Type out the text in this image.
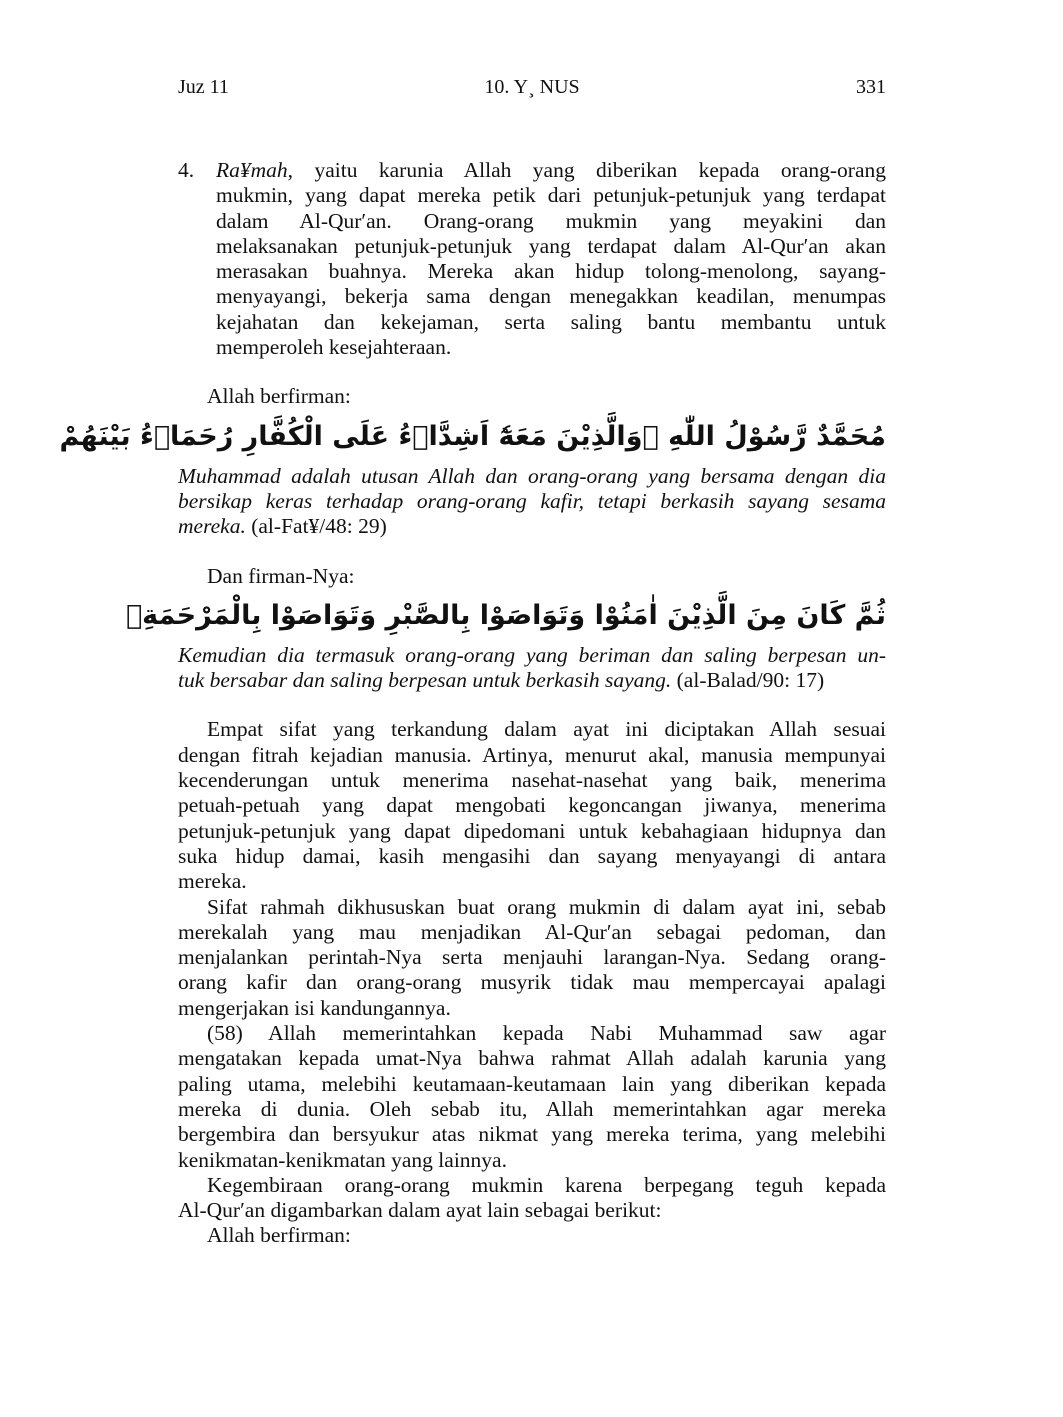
Juz 11	10. Y¸ NUS	331
4. Ra¥mah, yaitu karunia Allah yang diberikan kepada orang-orang
mukmin, yang dapat mereka petik dari petunjuk-petunjuk yang terdapat
dalam Al-Qur′an. Orang-orang mukmin yang meyakini dan
melaksanakan petunjuk-petunjuk yang terdapat dalam Al-Qur′an akan
merasakan buahnya. Mereka akan hidup tolong-menolong, sayang-
menyayangi, bekerja sama dengan menegakkan keadilan, menumpas
kejahatan dan kekejaman, serta saling bantu membantu untuk
memperoleh kesejahteraan.
Allah berfirman:
مُحَمَّدٌ رَّسُوْلُ اللّٰهِ ۗوَالَّذِيْنَ مَعَهٗٓ اَشِدَّاۤءُ عَلَى الْكُفَّارِ رُحَمَاۤءُ بَيْنَهُمْ
Muhammad adalah utusan Allah dan orang-orang yang bersama dengan dia
bersikap keras terhadap orang-orang kafir, tetapi berkasih sayang sesama
mereka. (al-Fat¥/48: 29)
Dan firman-Nya:
ثُمَّ كَانَ مِنَ الَّذِيْنَ اٰمَنُوْا وَتَوَاصَوْا بِالصَّبْرِ وَتَوَاصَوْا بِالْمَرْحَمَةِۗ
Kemudian dia termasuk orang-orang yang beriman dan saling berpesan un-
tuk bersabar dan saling berpesan untuk berkasih sayang. (al-Balad/90: 17)
Empat sifat yang terkandung dalam ayat ini diciptakan Allah sesuai
dengan fitrah kejadian manusia. Artinya, menurut akal, manusia mempunyai
kecenderungan untuk menerima nasehat-nasehat yang baik, menerima
petuah-petuah yang dapat mengobati kegoncangan jiwanya, menerima
petunjuk-petunjuk yang dapat dipedomani untuk kebahagiaan hidupnya dan
suka hidup damai, kasih mengasihi dan sayang menyayangi di antara
mereka.
Sifat rahmah dikhususkan buat orang mukmin di dalam ayat ini, sebab
merekalah yang mau menjadikan Al-Qur′an sebagai pedoman, dan
menjalankan perintah-Nya serta menjauhi larangan-Nya. Sedang orang-
orang kafir dan orang-orang musyrik tidak mau mempercayai apalagi
mengerjakan isi kandungannya.
(58) Allah memerintahkan kepada Nabi Muhammad saw agar
mengatakan kepada umat-Nya bahwa rahmat Allah adalah karunia yang
paling utama, melebihi keutamaan-keutamaan lain yang diberikan kepada
mereka di dunia. Oleh sebab itu, Allah memerintahkan agar mereka
bergembira dan bersyukur atas nikmat yang mereka terima, yang melebihi
kenikmatan-kenikmatan yang lainnya.
Kegembiraan orang-orang mukmin karena berpegang teguh kepada
Al-Qur′an digambarkan dalam ayat lain sebagai berikut:
Allah berfirman:
